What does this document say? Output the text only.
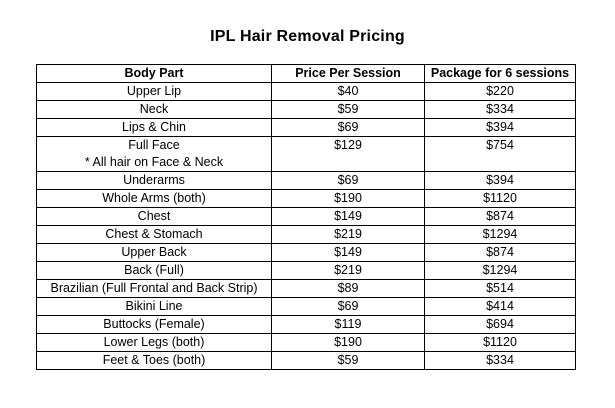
IPL Hair Removal Pricing
Body Part	Price Per Session	Package for 6 sessions
Upper Lip	$40	$220
Neck	$59	$334
Lips & Chin	$69	$394

Full Face
* All hair on Face & Neck	$129	$754
Underarms	$69	$394
Whole Arms (both)	$190	$1120
Chest	$149	$874
Chest & Stomach	$219	$1294
Upper Back	$149	$874
Back (Full)	$219	$1294
Brazilian (Full Frontal and Back Strip)	$89	$514
Bikini Line	$69	$414
Buttocks (Female)	$119	$694
Lower Legs (both)	$190	$1120
Feet & Toes (both)	$59	$334
